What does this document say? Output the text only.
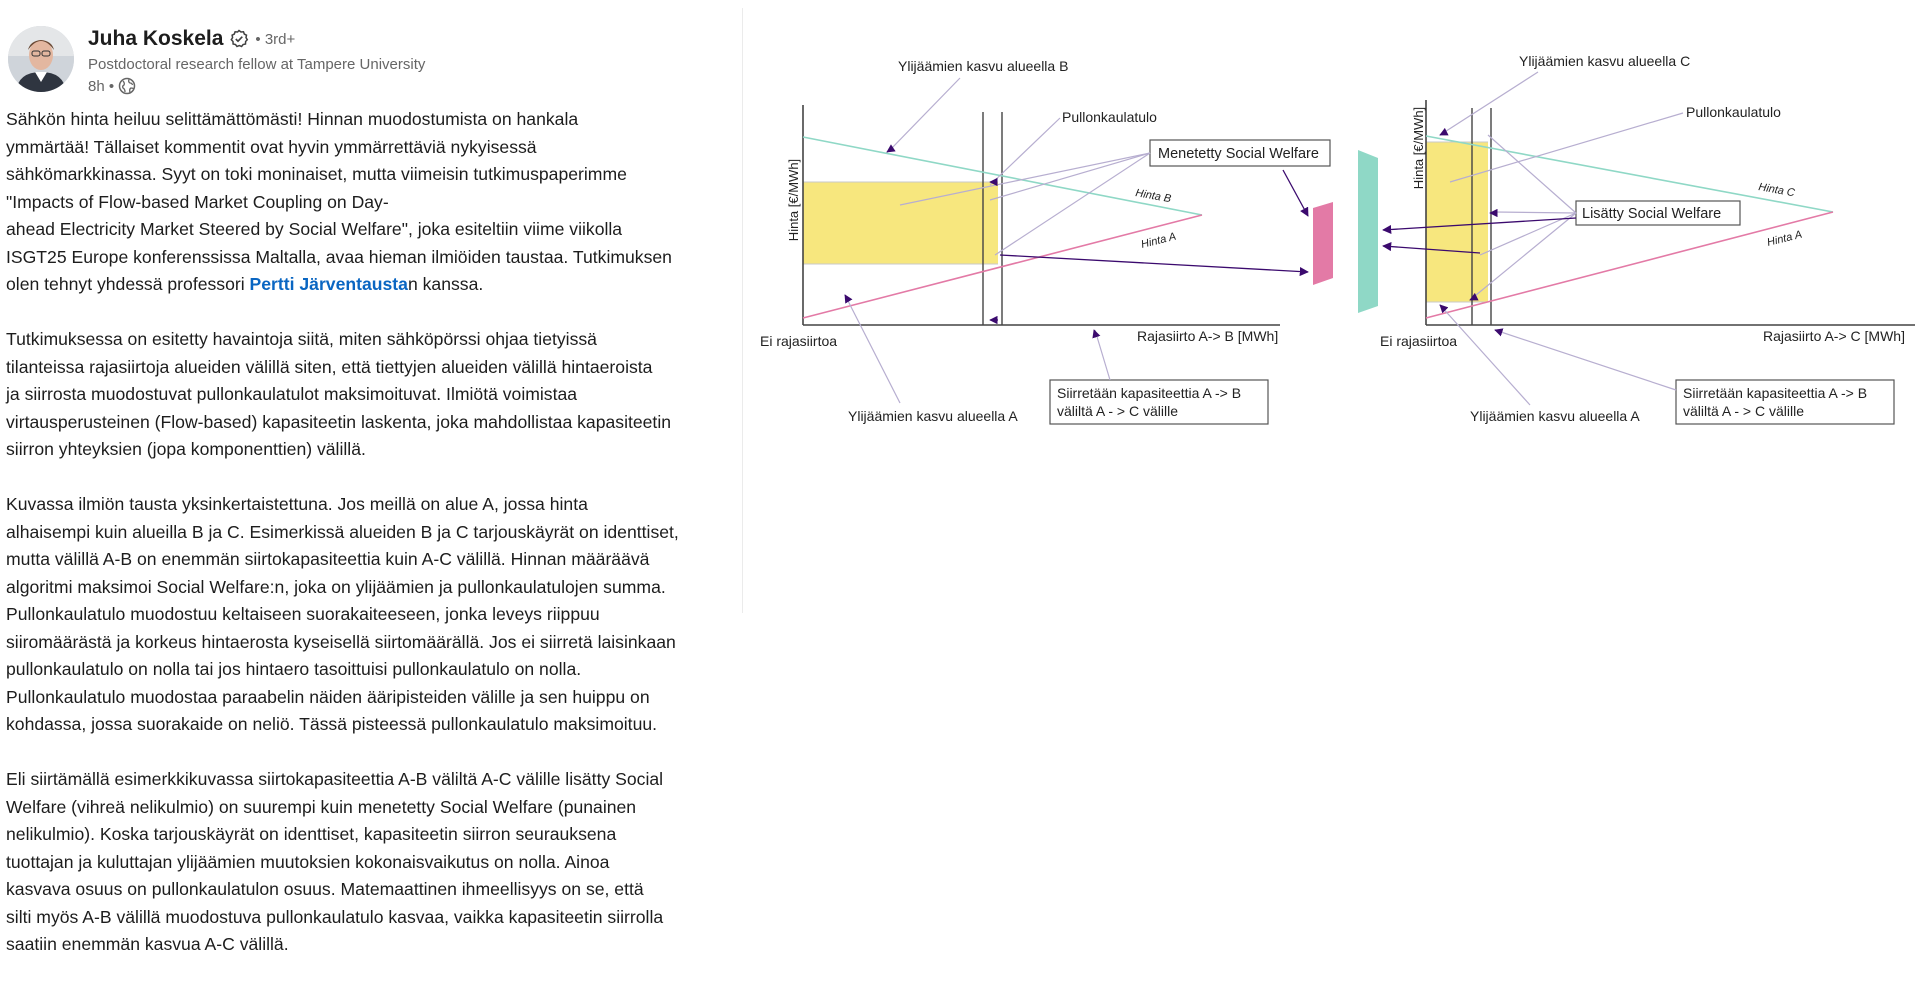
Juha Koskela • 3rd+
Postdoctoral research fellow at Tampere University
8h •

Sähkön hinta heiluu selittämättömästi! Hinnan muodostumista on hankala
ymmärtää! Tällaiset kommentit ovat hyvin ymmärrettäviä nykyisessä
sähkömarkkinassa. Syyt on toki moninaiset, mutta viimeisin tutkimuspaperimme
"Impacts of Flow-based Market Coupling on Day-
ahead Electricity Market Steered by Social Welfare", joka esiteltiin viime viikolla
ISGT25 Europe konferenssissa Maltalla, avaa hieman ilmiöiden taustaa. Tutkimuksen
olen tehnyt yhdessä professori Pertti Järventaustan kanssa.

Tutkimuksessa on esitetty havaintoja siitä, miten sähköpörssi ohjaa tietyissä
tilanteissa rajasiirtoja alueiden välillä siten, että tiettyjen alueiden välillä hintaeroista
ja siirrosta muodostuvat pullonkaulatulot maksimoituvat. Ilmiötä voimistaa
virtausperusteinen (Flow-based) kapasiteetin laskenta, joka mahdollistaa kapasiteetin
siirron yhteyksien (jopa komponenttien) välillä.

Kuvassa ilmiön tausta yksinkertaistettuna. Jos meillä on alue A, jossa hinta
alhaisempi kuin alueilla B ja C. Esimerkissä alueiden B ja C tarjouskäyrät on identtiset,
mutta välillä A-B on enemmän siirtokapasiteettia kuin A-C välillä. Hinnan määräävä
algoritmi maksimoi Social Welfare:n, joka on ylijäämien ja pullonkaulatulojen summa.
Pullonkaulatulo muodostuu keltaiseen suorakaiteeseen, jonka leveys riippuu
siiromäärästä ja korkeus hintaerosta kyseisellä siirtomäärällä. Jos ei siirretä laisinkaan
pullonkaulatulo on nolla tai jos hintaero tasoittuisi pullonkaulatulo on nolla.
Pullonkaulatulo muodostaa paraabelin näiden ääripisteiden välille ja sen huippu on
kohdassa, jossa suorakaide on neliö. Tässä pisteessä pullonkaulatulo maksimoituu.

Eli siirtämällä esimerkkikuvassa siirtokapasiteettia A-B väliltä A-C välille lisätty Social
Welfare (vihreä nelikulmio) on suurempi kuin menetetty Social Welfare (punainen
nelikulmio). Koska tarjouskäyrät on identtiset, kapasiteetin siirron seurauksena
tuottajan ja kuluttajan ylijäämien muutoksien kokonaisvaikutus on nolla. Ainoa
kasvava osuus on pullonkaulatulon osuus. Matemaattinen ihmeellisyys on se, että
silti myös A-B välillä muodostuva pullonkaulatulo kasvaa, vaikka kapasiteetin siirrolla
saatiin enemmän kasvua A-C välillä.

Hinta [€/MWh]
Rajasiirto A-> B [MWh]
Ei rajasiirtoa
Ylijäämien kasvu alueella B
Ylijäämien kasvu alueella A
Pullonkaulatulo
Hinta B
Hinta A
Menetetty Social Welfare
Siirretään kapasiteettia A -> B
väliltä A - > C välille
Hinta [€/MWh]
Rajasiirto A-> C [MWh]
Ei rajasiirtoa
Ylijäämien kasvu alueella C
Ylijäämien kasvu alueella A
Pullonkaulatulo
Hinta C
Hinta A
Lisätty Social Welfare
Siirretään kapasiteettia A -> B
väliltä A - > C välille
